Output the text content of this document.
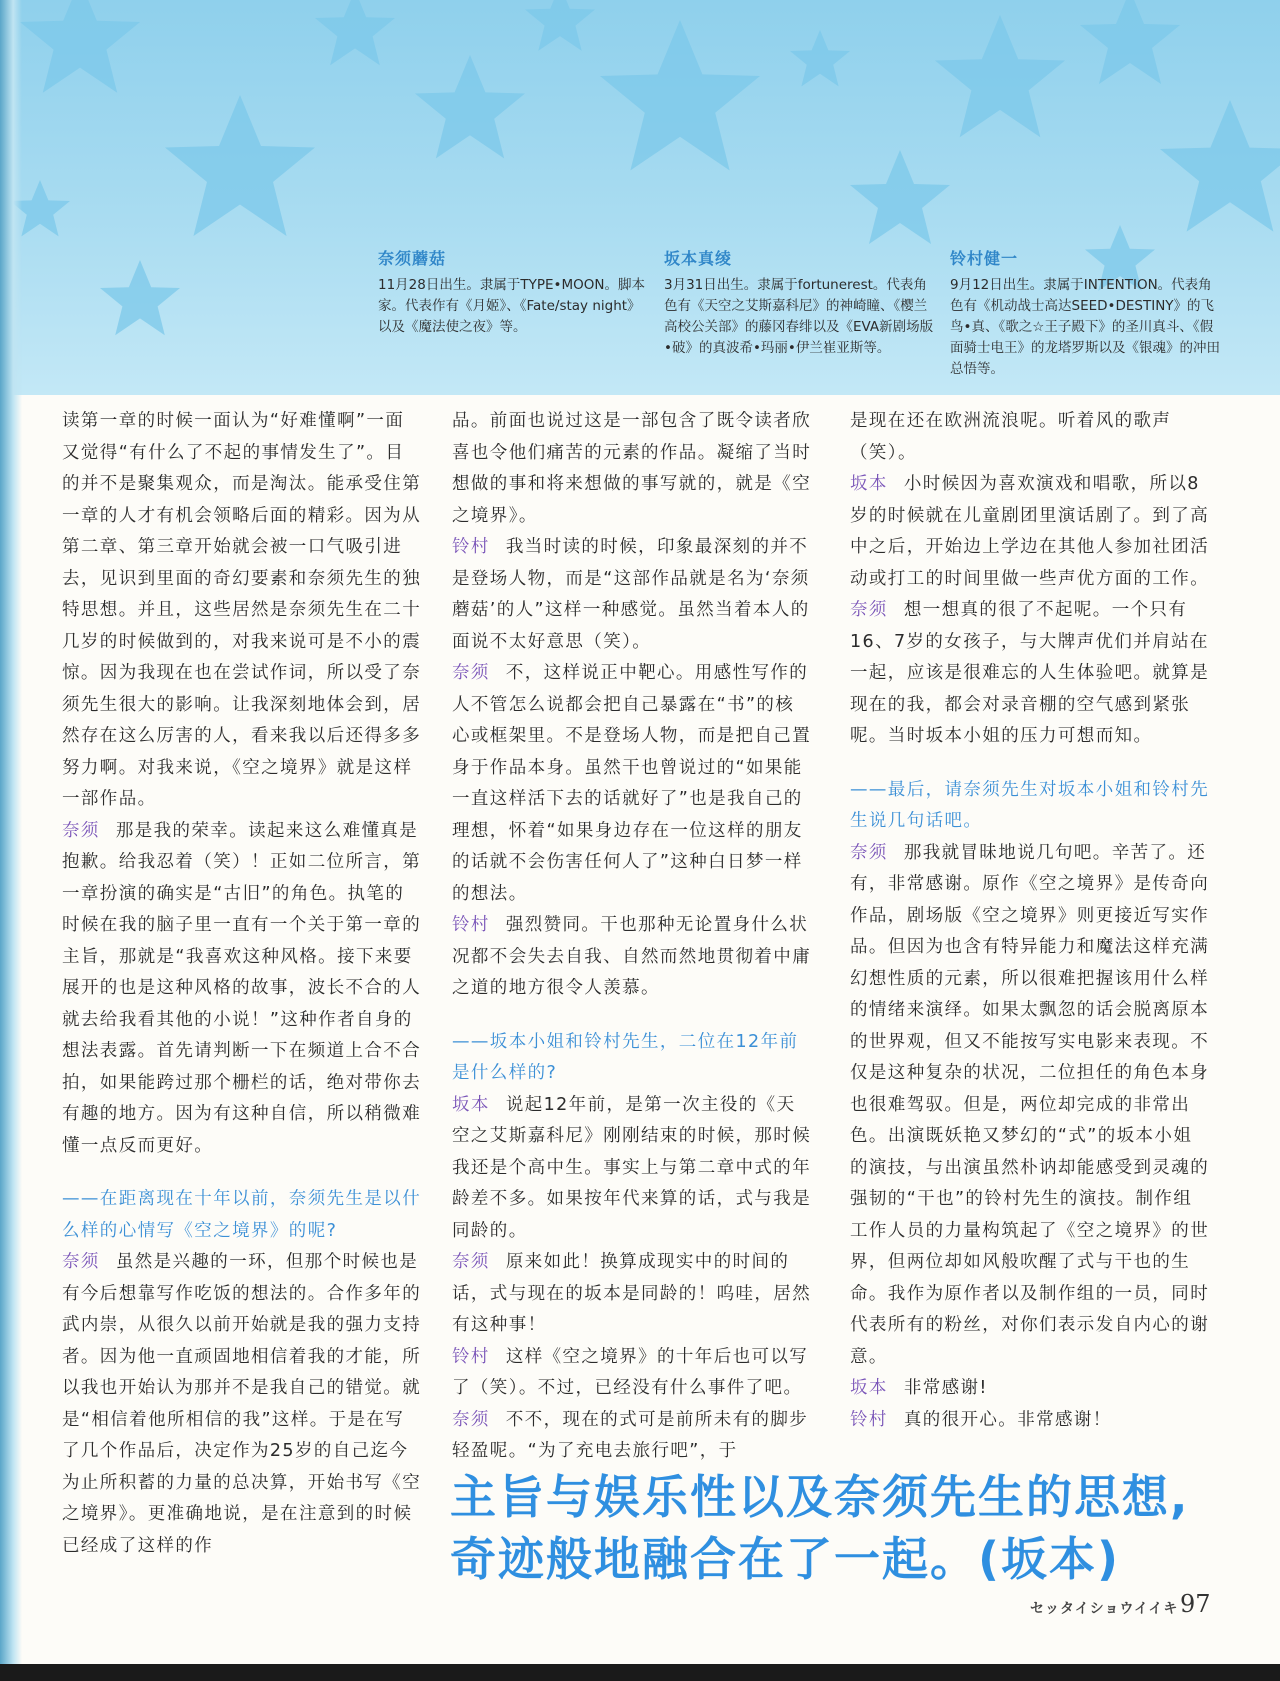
奈须蘑菇

11月28日出生。隶属于TYPE•MOON。脚本家。代表作有《月姬》、《Fate/stay night》以及《魔法使之夜》等。

坂本真绫

3月31日出生。隶属于fortunerest。代表角色有《天空之艾斯嘉科尼》的神崎瞳、《樱兰高校公关部》的藤冈春绯以及《EVA新剧场版•破》的真波希•玛丽•伊兰崔亚斯等。

铃村健一

9月12日出生。隶属于INTENTION。代表角色有《机动战士高达SEED•DESTINY》的飞鸟•真、《歌之☆王子殿下》的圣川真斗、《假面骑士电王》的龙塔罗斯以及《银魂》的冲田总悟等。

读第一章的时候一面认为“好难懂啊”一面又觉得“有什么了不起的事情发生了”。目的并不是聚集观众，而是淘汰。能承受住第一章的人才有机会领略后面的精彩。因为从第二章、第三章开始就会被一口气吸引进去，见识到里面的奇幻要素和奈须先生的独特思想。并且，这些居然是奈须先生在二十几岁的时候做到的，对我来说可是不小的震惊。因为我现在也在尝试作词，所以受了奈须先生很大的影响。让我深刻地体会到，居然存在这么厉害的人，看来我以后还得多多努力啊。对我来说，《空之境界》就是这样一部作品。

奈须 那是我的荣幸。读起来这么难懂真是抱歉。给我忍着（笑）！正如二位所言，第一章扮演的确实是“古旧”的角色。执笔的时候在我的脑子里一直有一个关于第一章的主旨，那就是“我喜欢这种风格。接下来要展开的也是这种风格的故事，波长不合的人就去给我看其他的小说！”这种作者自身的想法表露。首先请判断一下在频道上合不合拍，如果能跨过那个栅栏的话，绝对带你去有趣的地方。因为有这种自信，所以稍微难懂一点反而更好。

——在距离现在十年以前，奈须先生是以什么样的心情写《空之境界》的呢?

奈须 虽然是兴趣的一环，但那个时候也是有今后想靠写作吃饭的想法的。合作多年的武内崇，从很久以前开始就是我的强力支持者。因为他一直顽固地相信着我的才能，所以我也开始认为那并不是我自己的错觉。就是“相信着他所相信的我”这样。于是在写了几个作品后，决定作为25岁的自己迄今为止所积蓄的力量的总决算，开始书写《空之境界》。更准确地说，是在注意到的时候已经成了这样的作

品。前面也说过这是一部包含了既令读者欣喜也令他们痛苦的元素的作品。凝缩了当时想做的事和将来想做的事写就的，就是《空之境界》。

铃村 我当时读的时候，印象最深刻的并不是登场人物，而是“这部作品就是名为‘奈须蘑菇’的人”这样一种感觉。虽然当着本人的面说不太好意思（笑）。

奈须 不，这样说正中靶心。用感性写作的人不管怎么说都会把自己暴露在“书”的核心或框架里。不是登场人物，而是把自己置身于作品本身。虽然干也曾说过的“如果能一直这样活下去的话就好了”也是我自己的理想，怀着“如果身边存在一位这样的朋友的话就不会伤害任何人了”这种白日梦一样的想法。

铃村 强烈赞同。干也那种无论置身什么状况都不会失去自我、自然而然地贯彻着中庸之道的地方很令人羡慕。

——坂本小姐和铃村先生，二位在12年前是什么样的?

坂本 说起12年前，是第一次主役的《天空之艾斯嘉科尼》刚刚结束的时候，那时候我还是个高中生。事实上与第二章中式的年龄差不多。如果按年代来算的话，式与我是同龄的。

奈须 原来如此！换算成现实中的时间的话，式与现在的坂本是同龄的！呜哇，居然有这种事！

铃村 这样《空之境界》的十年后也可以写了（笑）。不过，已经没有什么事件了吧。

奈须 不不，现在的式可是前所未有的脚步轻盈呢。“为了充电去旅行吧”，于

是现在还在欧洲流浪呢。听着风的歌声（笑）。

坂本 小时候因为喜欢演戏和唱歌，所以8岁的时候就在儿童剧团里演话剧了。到了高中之后，开始边上学边在其他人参加社团活动或打工的时间里做一些声优方面的工作。

奈须 想一想真的很了不起呢。一个只有16、7岁的女孩子，与大牌声优们并肩站在一起，应该是很难忘的人生体验吧。就算是现在的我，都会对录音棚的空气感到紧张呢。当时坂本小姐的压力可想而知。

——最后，请奈须先生对坂本小姐和铃村先生说几句话吧。

奈须 那我就冒昧地说几句吧。辛苦了。还有，非常感谢。原作《空之境界》是传奇向作品，剧场版《空之境界》则更接近写实作品。但因为也含有特异能力和魔法这样充满幻想性质的元素，所以很难把握该用什么样的情绪来演绎。如果太飘忽的话会脱离原本的世界观，但又不能按写实电影来表现。不仅是这种复杂的状况，二位担任的角色本身也很难驾驭。但是，两位却完成的非常出色。出演既妖艳又梦幻的“式”的坂本小姐的演技，与出演虽然朴讷却能感受到灵魂的强韧的“干也”的铃村先生的演技。制作组工作人员的力量构筑起了《空之境界》的世界，但两位却如风般吹醒了式与干也的生命。我作为原作者以及制作组的一员，同时代表所有的粉丝，对你们表示发自内心的谢意。

坂本 非常感谢!

铃村 真的很开心。非常感谢！

主旨与娱乐性以及奈须先生的思想,
奇迹般地融合在了一起。(坂本)
セッタイショウイイキ 97
